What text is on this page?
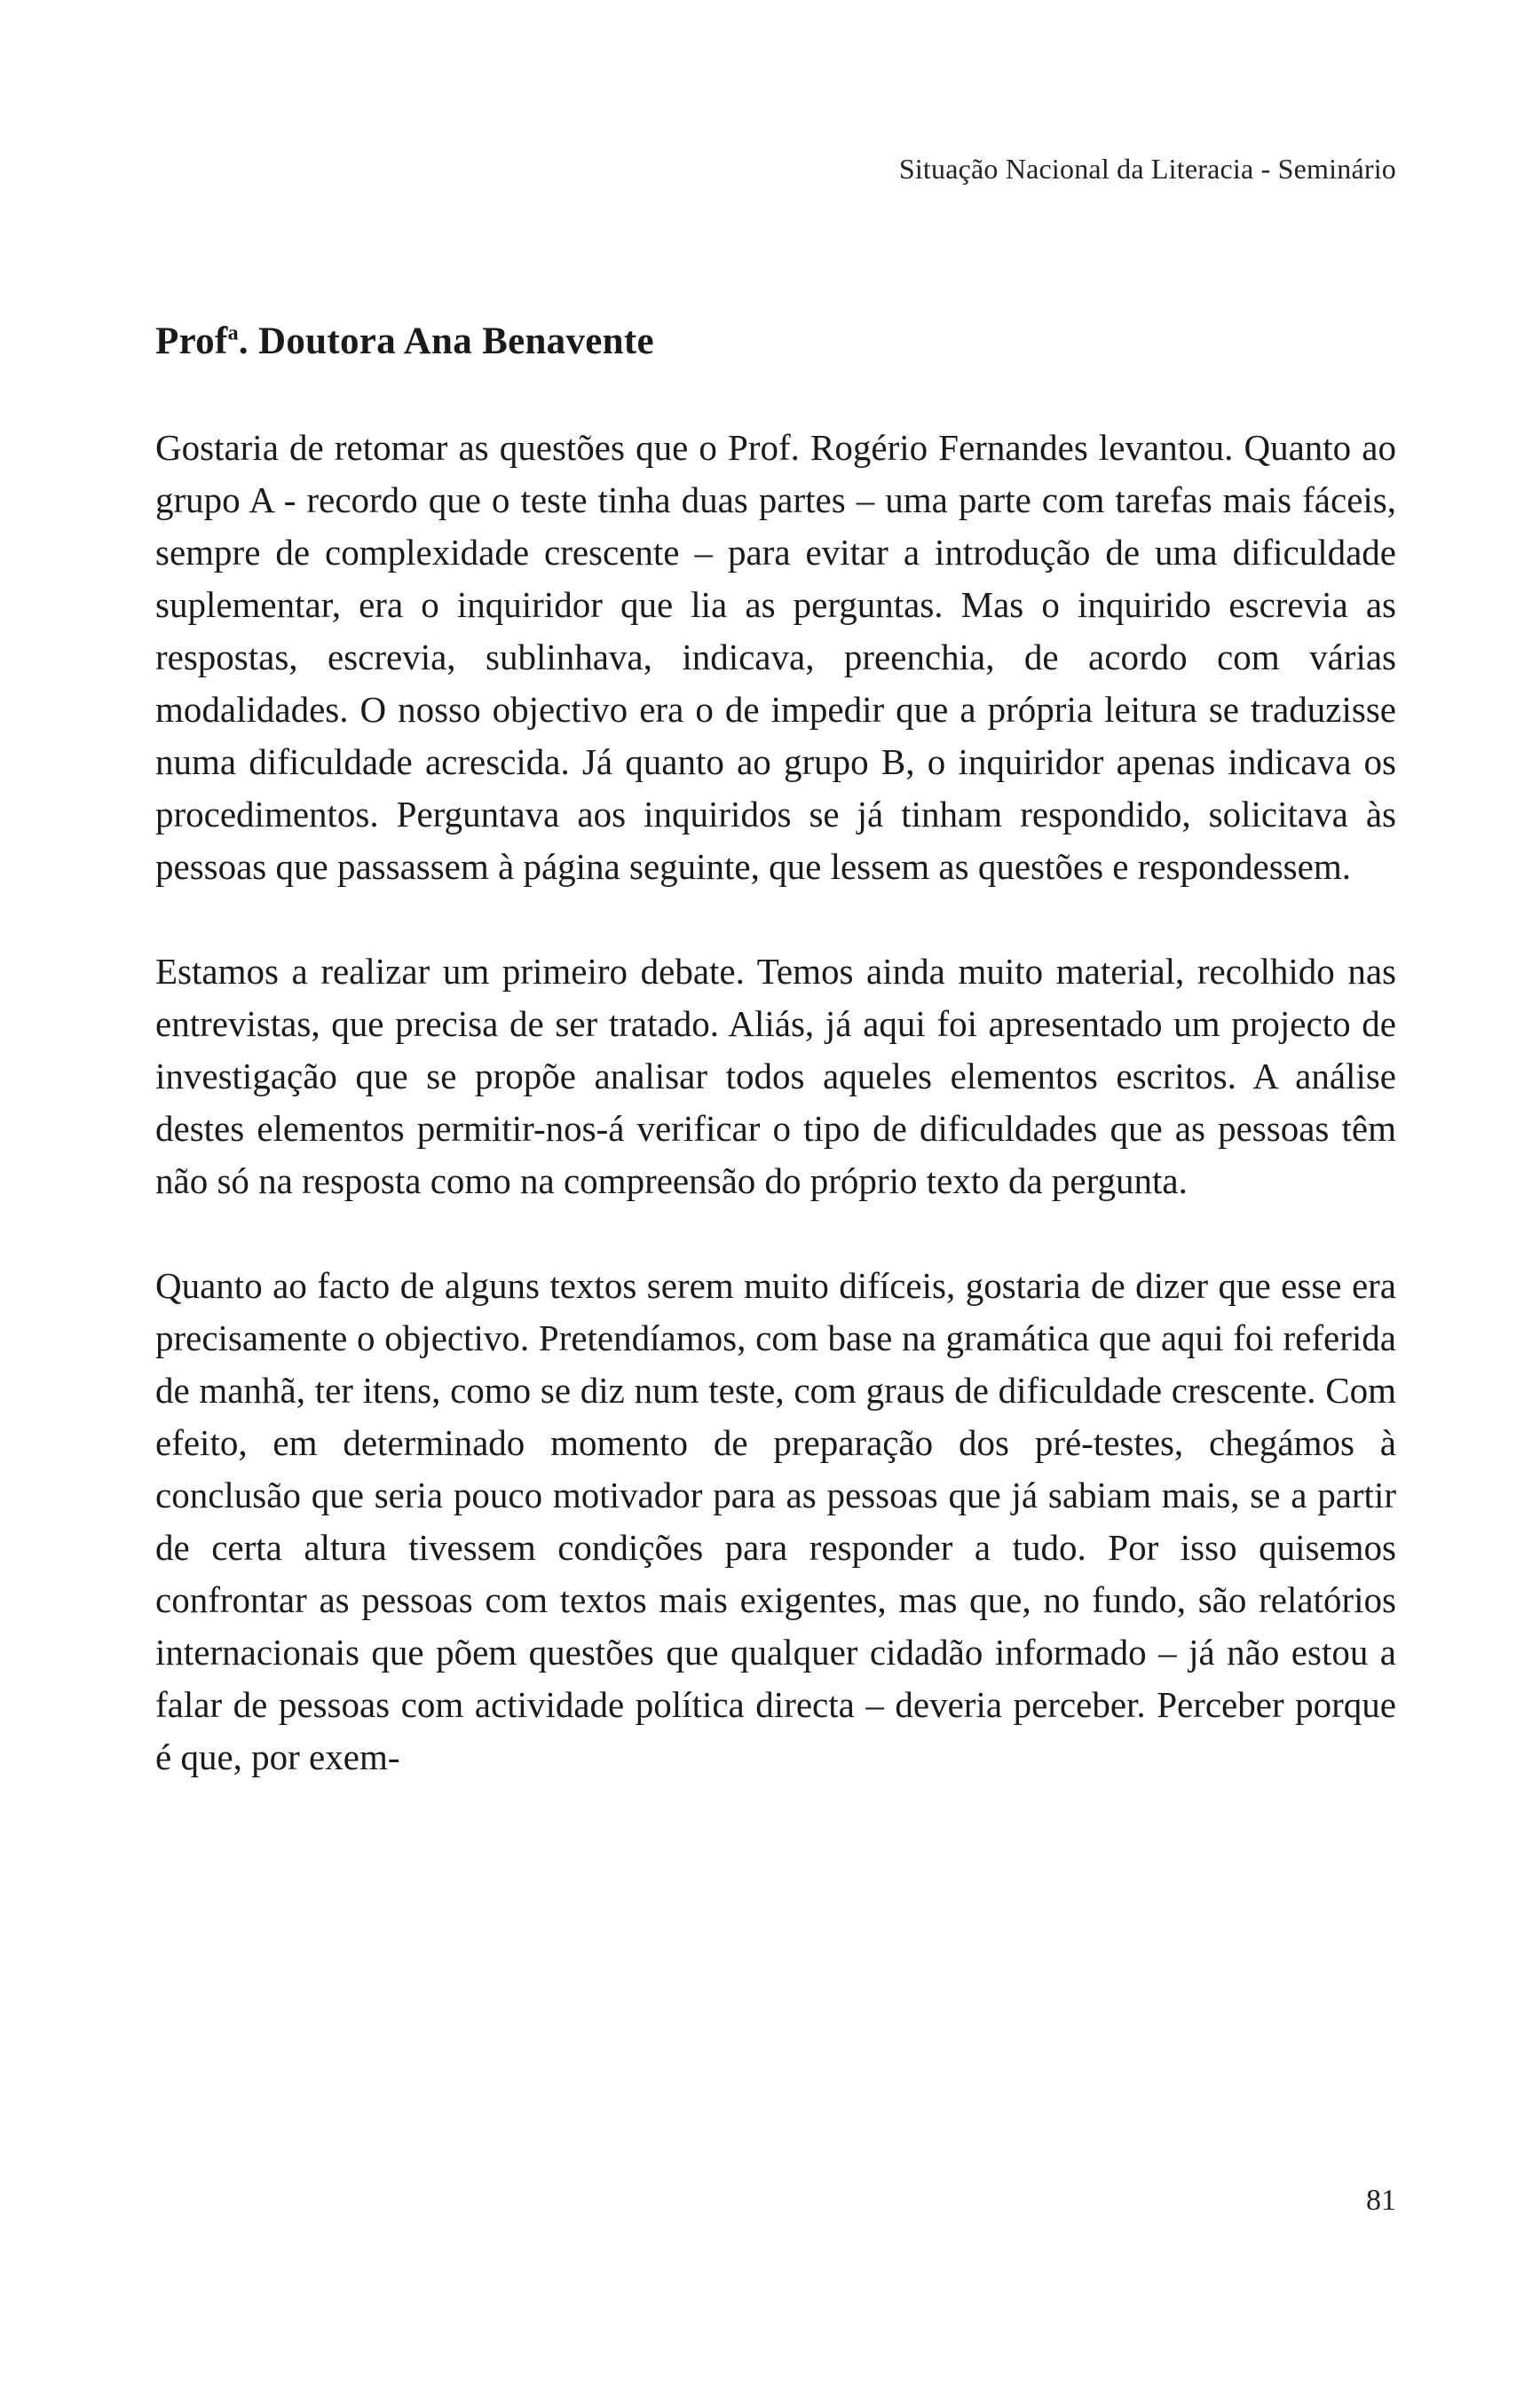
Situação Nacional da Literacia - Seminário
Prof$^a$. Doutora Ana Benavente

Gostaria de retomar as questões que o Prof. Rogério Fernandes levantou. Quanto ao grupo A - recordo que o teste tinha duas partes – uma parte com tarefas mais fáceis, sempre de complexidade crescente – para evitar a introdução de uma dificuldade suplementar, era o inquiridor que lia as perguntas. Mas o inquirido escrevia as respostas, escrevia, sublinhava, indicava, preenchia, de acordo com várias modalidades. O nosso objectivo era o de impedir que a própria leitura se traduzisse numa dificuldade acrescida. Já quanto ao grupo B, o inquiridor apenas indicava os procedimentos. Perguntava aos inquiridos se já tinham respondido, solicitava às pessoas que passassem à página seguinte, que lessem as questões e respondessem.

Estamos a realizar um primeiro debate. Temos ainda muito material, recolhido nas entrevistas, que precisa de ser tratado. Aliás, já aqui foi apresentado um projecto de investigação que se propõe analisar todos aqueles elementos escritos. A análise destes elementos permitir-nos-á verificar o tipo de dificuldades que as pessoas têm não só na resposta como na compreensão do próprio texto da pergunta.

Quanto ao facto de alguns textos serem muito difíceis, gostaria de dizer que esse era precisamente o objectivo. Pretendíamos, com base na gramática que aqui foi referida de manhã, ter itens, como se diz num teste, com graus de dificuldade crescente. Com efeito, em determinado momento de preparação dos pré-testes, chegámos à conclusão que seria pouco motivador para as pessoas que já sabiam mais, se a partir de certa altura tivessem condições para responder a tudo. Por isso quisemos confrontar as pessoas com textos mais exigentes, mas que, no fundo, são relatórios internacionais que põem questões que qualquer cidadão informado – já não estou a falar de pessoas com actividade política directa – deveria perceber. Perceber porque é que, por exem-

81
